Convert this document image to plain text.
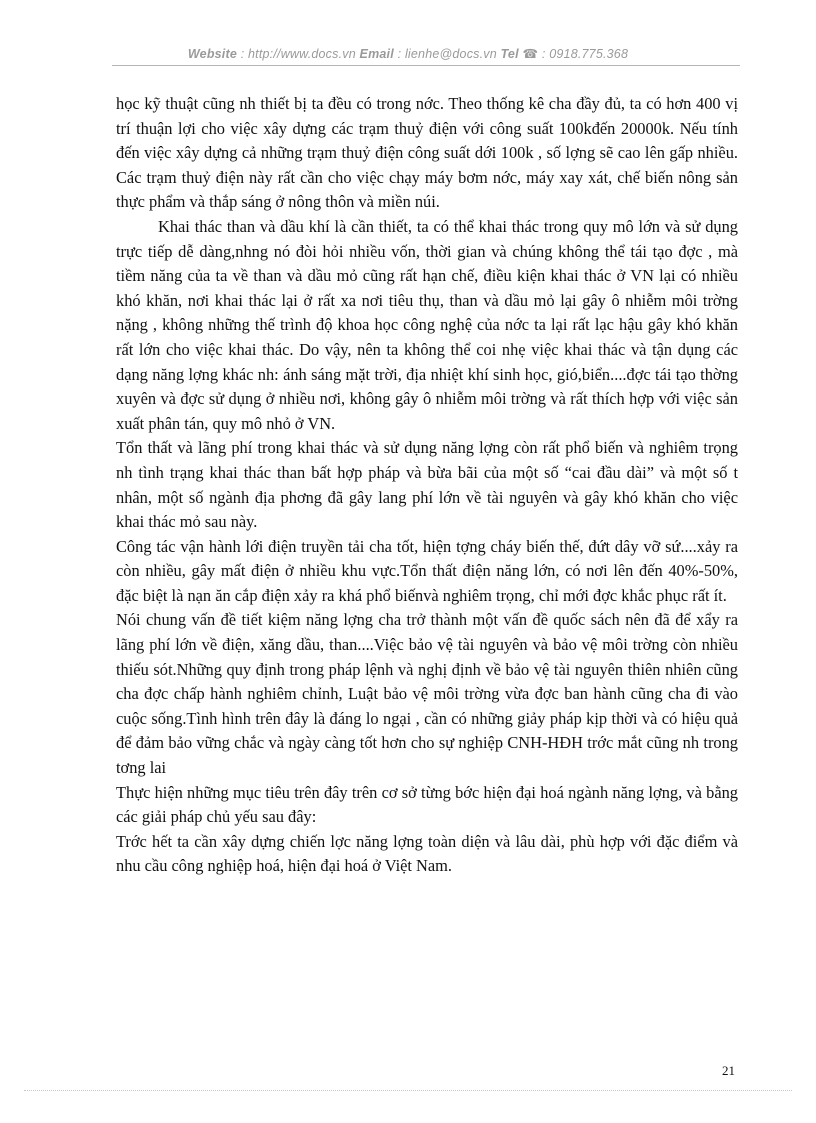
Website : http://www.docs.vn Email : lienhe@docs.vn Tel ☎ : 0918.775.368

học kỹ thuật cũng nh thiết bị ta đều có trong nớc. Theo thống kê cha đầy đủ, ta có hơn 400 vị trí thuận lợi cho việc xây dựng các trạm thuỷ điện với công suất 100kđến 20000k. Nếu tính đến việc xây dựng cả những trạm thuỷ điện công suất dới 100k , số lợng sẽ cao lên gấp nhiều. Các trạm thuỷ điện này rất cần cho việc chạy máy bơm nớc, máy xay xát, chế biến nông sản thực phẩm và thắp sáng ở nông thôn và miền núi.

Khai thác than và dầu khí là cần thiết, ta có thể khai thác trong quy mô lớn và sử dụng trực tiếp dễ dàng,nhng nó đòi hỏi nhiều vốn, thời gian và chúng không thể tái tạo đợc , mà tiềm năng của ta về than và dầu mỏ cũng rất hạn chế, điều kiện khai thác ở VN lại có nhiều khó khăn, nơi khai thác lại ở rất xa nơi tiêu thụ, than và dầu mỏ lại gây ô nhiễm môi trờng nặng , không những thế trình độ khoa học công nghệ của nớc ta lại rất lạc hậu gây khó khăn rất lớn cho việc khai thác. Do vậy, nên ta không thể coi nhẹ việc khai thác và tận dụng các dạng năng lợng khác nh: ánh sáng mặt trời, địa nhiệt khí sinh học, gió,biển....đợc tái tạo thờng xuyên và đợc sử dụng ở nhiều nơi, không gây ô nhiễm môi trờng và rất thích hợp với việc sản xuất phân tán, quy mô nhỏ ở VN.

Tổn thất và lãng phí trong khai thác và sử dụng năng lợng còn rất phổ biến và nghiêm trọng nh tình trạng khai thác than bất hợp pháp và bừa bãi của một số “cai đầu dài” và một số t nhân, một số ngành địa phơng đã gây lang phí lớn về tài nguyên và gây khó khăn cho việc khai thác mỏ sau này.

Công tác vận hành lới điện truyền tải cha tốt, hiện tợng cháy biến thế, đứt dây vỡ sứ....xảy ra còn nhiều, gây mất điện ở nhiều khu vực.Tổn thất điện năng lớn, có nơi lên đến 40%-50%, đặc biệt là nạn ăn cắp điện xảy ra khá phổ biếnvà nghiêm trọng, chỉ mới đợc khắc phục rất ít.

Nói chung vấn đề tiết kiệm năng lợng cha trở thành một vấn đề quốc sách nên đã để xẩy ra lãng phí lớn về điện, xăng dầu, than....Việc bảo vệ tài nguyên và bảo vệ môi trờng còn nhiều thiếu sót.Những quy định trong pháp lệnh và nghị định về bảo vệ tài nguyên thiên nhiên cũng cha đợc chấp hành nghiêm chỉnh, Luật bảo vệ môi trờng vừa đợc ban hành cũng cha đi vào cuộc sống.Tình hình trên đây là đáng lo ngại , cần có những giảy pháp kịp thời và có hiệu quả để đảm bảo vững chắc và ngày càng tốt hơn cho sự nghiệp CNH-HĐH trớc mắt cũng nh trong tơng lai

Thực hiện những mục tiêu trên đây trên cơ sở từng bớc hiện đại hoá ngành năng lợng, và bằng các giải pháp chủ yếu sau đây:

Trớc hết ta cần xây dựng chiến lợc năng lợng toàn diện và lâu dài, phù hợp với đặc điểm và nhu cầu công nghiệp hoá, hiện đại hoá ở Việt Nam.

21
